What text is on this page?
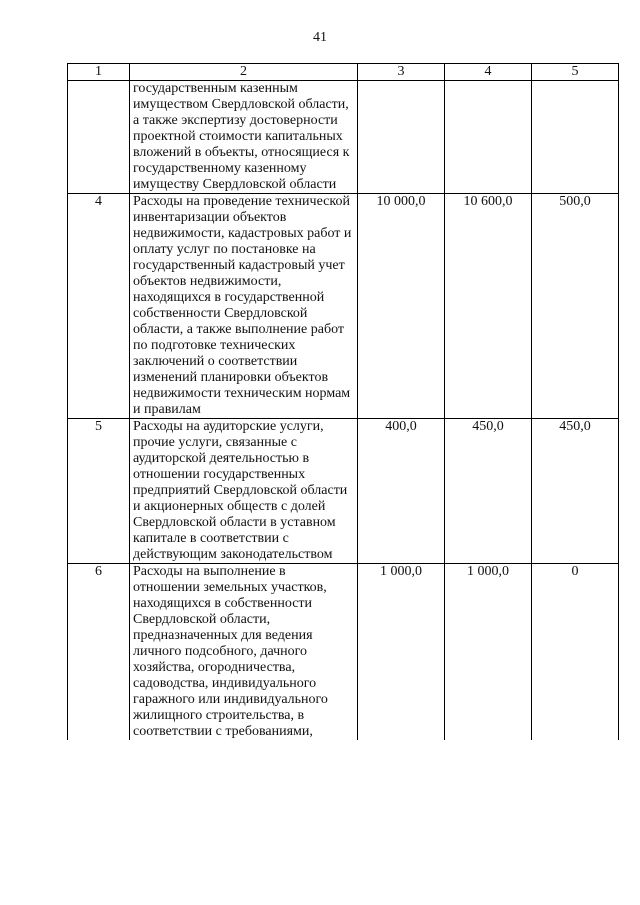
41
1	2	3	4	5
	государственным казенным имуществом Свердловской области, а также экспертизу достоверности проектной стоимости капитальных вложений в объекты, относящиеся к государственному казенному имуществу Свердловской области			
4	Расходы на проведение технической инвентаризации объектов недвижимости, кадастровых работ и оплату услуг по постановке на государственный кадастровый учет объектов недвижимости, находящихся в государственной собственности Свердловской области, а также выполнение работ по подготовке технических заключений о соответствии изменений планировки объектов недвижимости техническим нормам и правилам	10 000,0	10 600,0	500,0
5	Расходы на аудиторские услуги, прочие услуги, связанные с аудиторской деятельностью в отношении государственных предприятий Свердловской области и акционерных обществ с долей Свердловской области в уставном капитале в соответствии с действующим законодательством	400,0	450,0	450,0
6	Расходы на выполнение в отношении земельных участков, находящихся в собственности Свердловской области, предназначенных для ведения личного подсобного, дачного хозяйства, огородничества, садоводства, индивидуального гаражного или индивидуального жилищного строительства, в соответствии с требованиями,	1 000,0	1 000,0	0
